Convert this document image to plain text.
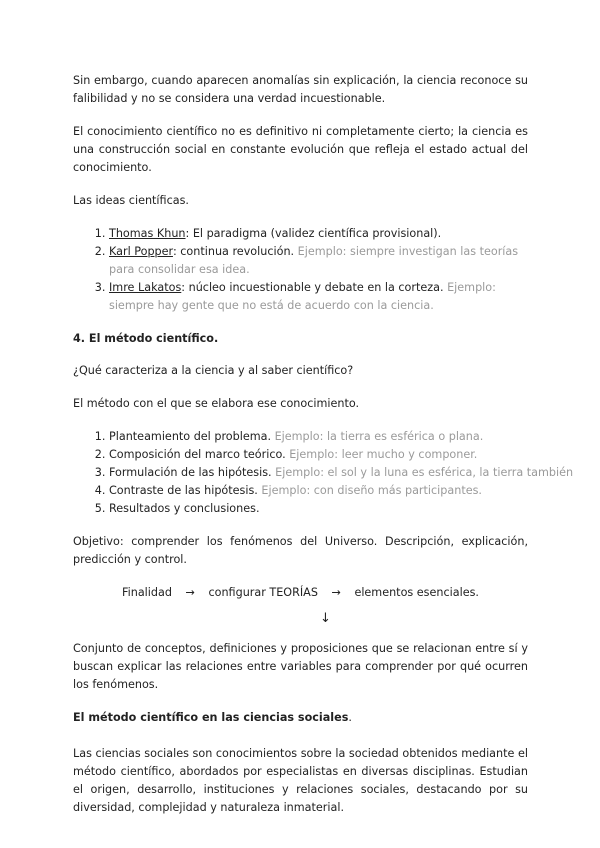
Sin embargo, cuando aparecen anomalías sin explicación, la ciencia reconoce su falibilidad y no se considera una verdad incuestionable.

El conocimiento científico no es definitivo ni completamente cierto; la ciencia es una construcción social en constante evolución que refleja el estado actual del conocimiento.

Las ideas científicas.

1. Thomas Khun: El paradigma (validez científica provisional).
2. Karl Popper: continua revolución. Ejemplo: siempre investigan las teorías para consolidar esa idea.
3. Imre Lakatos: núcleo incuestionable y debate en la corteza. Ejemplo: siempre hay gente que no está de acuerdo con la ciencia.
4. El método científico.

¿Qué caracteriza a la ciencia y al saber científico?

El método con el que se elabora ese conocimiento.

1. Planteamiento del problema. Ejemplo: la tierra es esférica o plana.
2. Composición del marco teórico. Ejemplo: leer mucho y componer.
3. Formulación de las hipótesis. Ejemplo: el sol y la luna es esférica, la tierra también
4. Contraste de las hipótesis. Ejemplo: con diseño más participantes.
5. Resultados y conclusiones.

Objetivo: comprender los fenómenos del Universo. Descripción, explicación, predicción y control.

Finalidad → configurar TEORÍAS → elementos esenciales.
↓

Conjunto de conceptos, definiciones y proposiciones que se relacionan entre sí y buscan explicar las relaciones entre variables para comprender por qué ocurren los fenómenos.

El método científico en las ciencias sociales.

Las ciencias sociales son conocimientos sobre la sociedad obtenidos mediante el método científico, abordados por especialistas en diversas disciplinas. Estudian el origen, desarrollo, instituciones y relaciones sociales, destacando por su diversidad, complejidad y naturaleza inmaterial.
